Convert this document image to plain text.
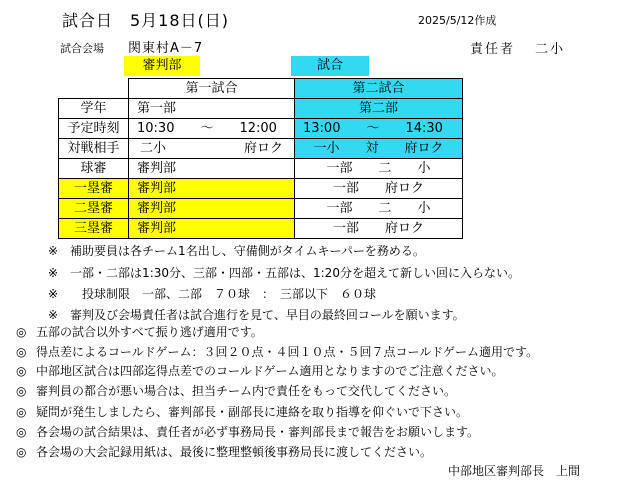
試合日　5月18日(日)	2025/5/12作成
試合会場 関東村A－7	責任者 二小
審判部	試合
	第一試合	第二試合
学年	第一部	第二部
予定時刻	10:30　　～　　12:00	13:00　　～　　14:30
対戦相手	二小　　　　　　府ロク	一小　　対　　府ロク
球審	審判部	一部　　二　　小
一塁審	審判部	一部　　府ロク
二塁審	審判部	一部　　二　　小
三塁審	審判部	一部　　府ロク
※　補助要員は各チーム1名出し、守備側がタイムキーパーを務める。
※　一部・二部は1:30分、三部・四部・五部は、1:20分を超えて新しい回に入らない。
※　　投球制限　一部、二部　７０球　：　三部以下　６０球
※　審判及び会場責任者は試合進行を見て、早目の最終回コールを願います。
◎ 五部の試合以外すべて振り逃げ適用です。
◎ 得点差によるコールドゲーム：３回２０点・４回１０点・５回７点コールドゲーム適用です。
◎ 中部地区試合は四部迄得点差でのコールドゲーム適用となりますのでご注意ください。
◎ 審判員の都合が悪い場合は、担当チーム内で責任をもって交代してください。
◎ 疑問が発生しましたら、審判部長・副部長に連絡を取り指導を仰ぐいで下さい。
◎ 各会場の試合結果は、責任者が必ず事務局長・審判部長まで報告をお願いします。
◎ 各会場の大会記録用紙は、最後に整理整頓後事務局長に渡してください。
中部地区審判部長　上間
